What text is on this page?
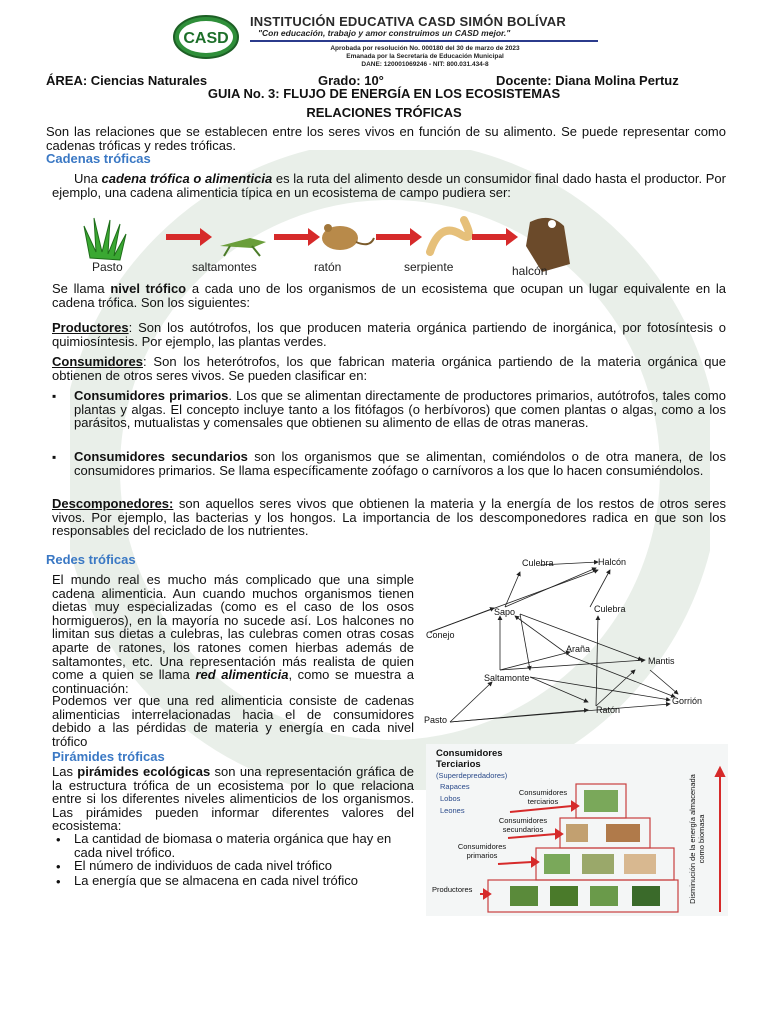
CASD
INSTITUCIÓN EDUCATIVA CASD SIMÓN BOLÍVAR
"Con educación, trabajo y amor construimos un CASD mejor."
Aprobada por resolución No. 000180 del 30 de marzo de 2023
Emanada por la Secretaría de Educación Municipal
DANE: 120001069246 - NIT: 800.031.434-8
ÁREA: Ciencias Naturales	Grado: 10°	Docente: Diana Molina Pertuz
GUIA No. 3: FLUJO DE ENERGÍA EN LOS ECOSISTEMAS
RELACIONES TRÓFICAS

Son las relaciones que se establecen entre los seres vivos en función de su alimento. Se puede representar como cadenas tróficas y redes tróficas.

Cadenas tróficas

Una cadena trófica o alimenticia es la ruta del alimento desde un consumidor final dado hasta el productor. Por ejemplo, una cadena alimenticia típica en un ecosistema de campo pudiera ser:

Pasto	saltamontes	ratón	serpiente	halcón

Se llama nivel trófico a cada uno de los organismos de un ecosistema que ocupan un lugar equivalente en la cadena trófica. Son los siguientes:

Productores: Son los autótrofos, los que producen materia orgánica partiendo de inorgánica, por fotosíntesis o quimiosíntesis. Por ejemplo, las plantas verdes.

Consumidores: Son los heterótrofos, los que fabrican materia orgánica partiendo de la materia orgánica que obtienen de otros seres vivos. Se pueden clasificar en:

▪ Consumidores primarios. Los que se alimentan directamente de productores primarios, autótrofos, tales como plantas y algas. El concepto incluye tanto a los fitófagos (o herbívoros) que comen plantas o algas, como a los parásitos, mutualistas y comensales que obtienen su alimento de ellas de otras maneras.

▪ Consumidores secundarios son los organismos que se alimentan, comiéndolos o de otra manera, de los consumidores primarios. Se llama específicamente zoófago o carnívoros a los que lo hacen consumiéndolos.

Descomponedores: son aquellos seres vivos que obtienen la materia y la energía de los restos de otros seres vivos. Por ejemplo, las bacterias y los hongos. La importancia de los descomponedores radica en que son los responsables del reciclado de los nutrientes.

Redes tróficas

El mundo real es mucho más complicado que una simple cadena alimenticia. Aun cuando muchos organismos tienen dietas muy especializadas (como es el caso de los osos hormigueros), en la mayoría no sucede así. Los halcones no limitan sus dietas a culebras, las culebras comen otras cosas aparte de ratones, los ratones comen hierbas además de saltamontes, etc. Una representación más realista de quien come a quien se llama red alimenticia, como se muestra a continuación:

Podemos ver que una red alimenticia consiste de cadenas alimenticias interrelacionadas hacia el de consumidores debido a las pérdidas de materia y energía en cada nivel trófico

Culebra	Halcón
Sapo	Culebra
Conejo
Araña
Mantis
Saltamonte
Gorrión
Ratón
Pasto
Pirámides tróficas

Las pirámides ecológicas son una representación gráfica de la estructura trófica de un ecosistema por lo que relaciona entre si los diferentes niveles alimenticios de los organismos. Las pirámides pueden informar diferentes valores del ecosistema:

• La cantidad de biomasa o materia orgánica que hay en cada nivel trófico.

• El número de individuos de cada nivel trófico

• La energía que se almacena en cada nivel trófico

Consumidores
Terciarios
(Superdepredadores)
Rapaces
Lobos
Leones
Consumidores terciarios
Consumidores secundarios
Consumidores primarios
Productores	Disminución de la energía almacenada como biomasa
